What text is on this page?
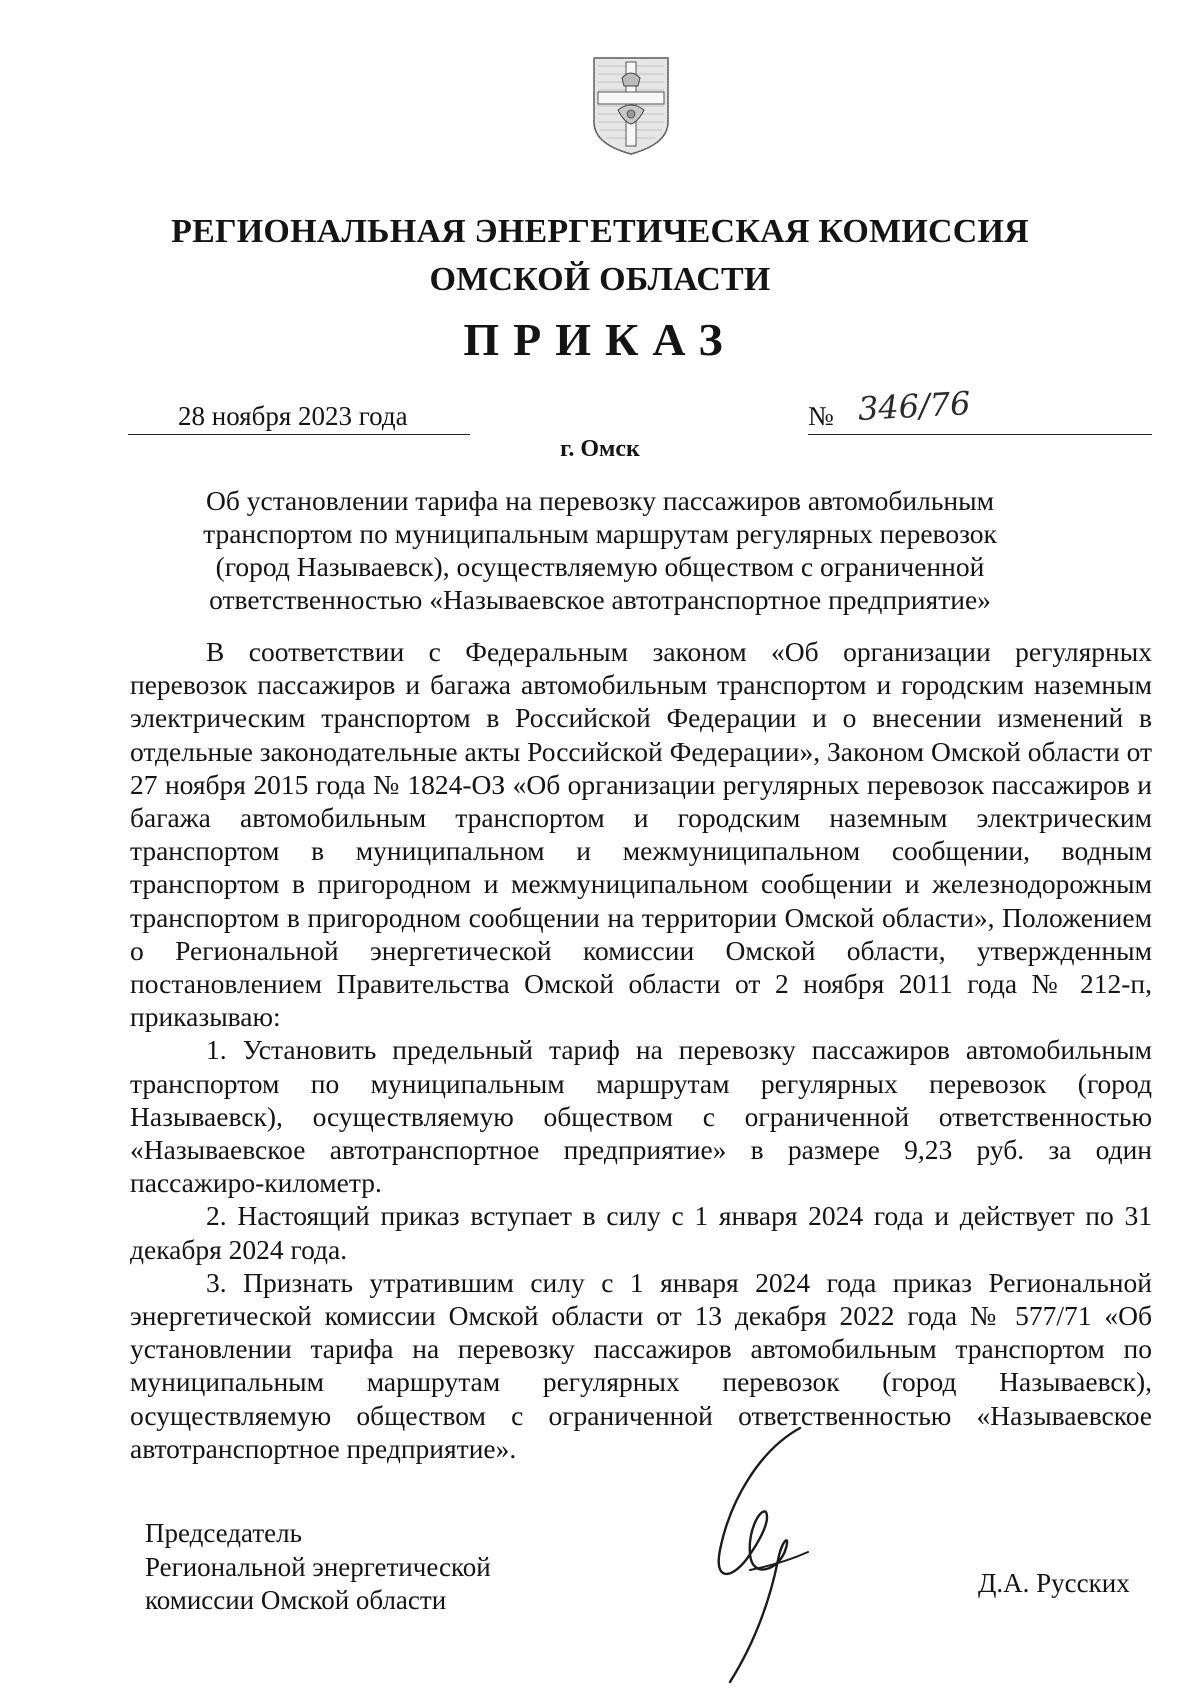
РЕГИОНАЛЬНАЯ ЭНЕРГЕТИЧЕСКАЯ КОМИССИЯ
ОМСКОЙ ОБЛАСТИ
ПРИКАЗ
28 ноября 2023 года	№ 346/76
г. Омск
Об установлении тарифа на перевозку пассажиров автомобильным
транспортом по муниципальным маршрутам регулярных перевозок
(город Называевск), осуществляемую обществом с ограниченной
ответственностью «Называевское автотранспортное предприятие»

В соответствии с Федеральным законом «Об организации регулярных перевозок пассажиров и багажа автомобильным транспортом и городским наземным электрическим транспортом в Российской Федерации и о внесении изменений в отдельные законодательные акты Российской Федерации», Законом Омской области от 27 ноября 2015 года № 1824-ОЗ «Об организации регулярных перевозок пассажиров и багажа автомобильным транспортом и городским наземным электрическим транспортом в муниципальном и межмуниципальном сообщении, водным транспортом в пригородном и межмуниципальном сообщении и железнодорожным транспортом в пригородном сообщении на территории Омской области», Положением о Региональной энергетической комиссии Омской области, утвержденным постановлением Правительства Омской области от 2 ноября 2011 года № 212-п, приказываю:

1. Установить предельный тариф на перевозку пассажиров автомобильным транспортом по муниципальным маршрутам регулярных перевозок (город Называевск), осуществляемую обществом с ограниченной ответственностью «Называевское автотранспортное предприятие» в размере 9,23 руб. за один пассажиро-километр.

2. Настоящий приказ вступает в силу с 1 января 2024 года и действует по 31 декабря 2024 года.

3. Признать утратившим силу с 1 января 2024 года приказ Региональной энергетической комиссии Омской области от 13 декабря 2022 года № 577/71 «Об установлении тарифа на перевозку пассажиров автомобильным транспортом по муниципальным маршрутам регулярных перевозок (город Называевск), осуществляемую обществом с ограниченной ответственностью «Называевское автотранспортное предприятие».

Председатель
Региональной энергетической
комиссии Омской области
Д.А. Русских
